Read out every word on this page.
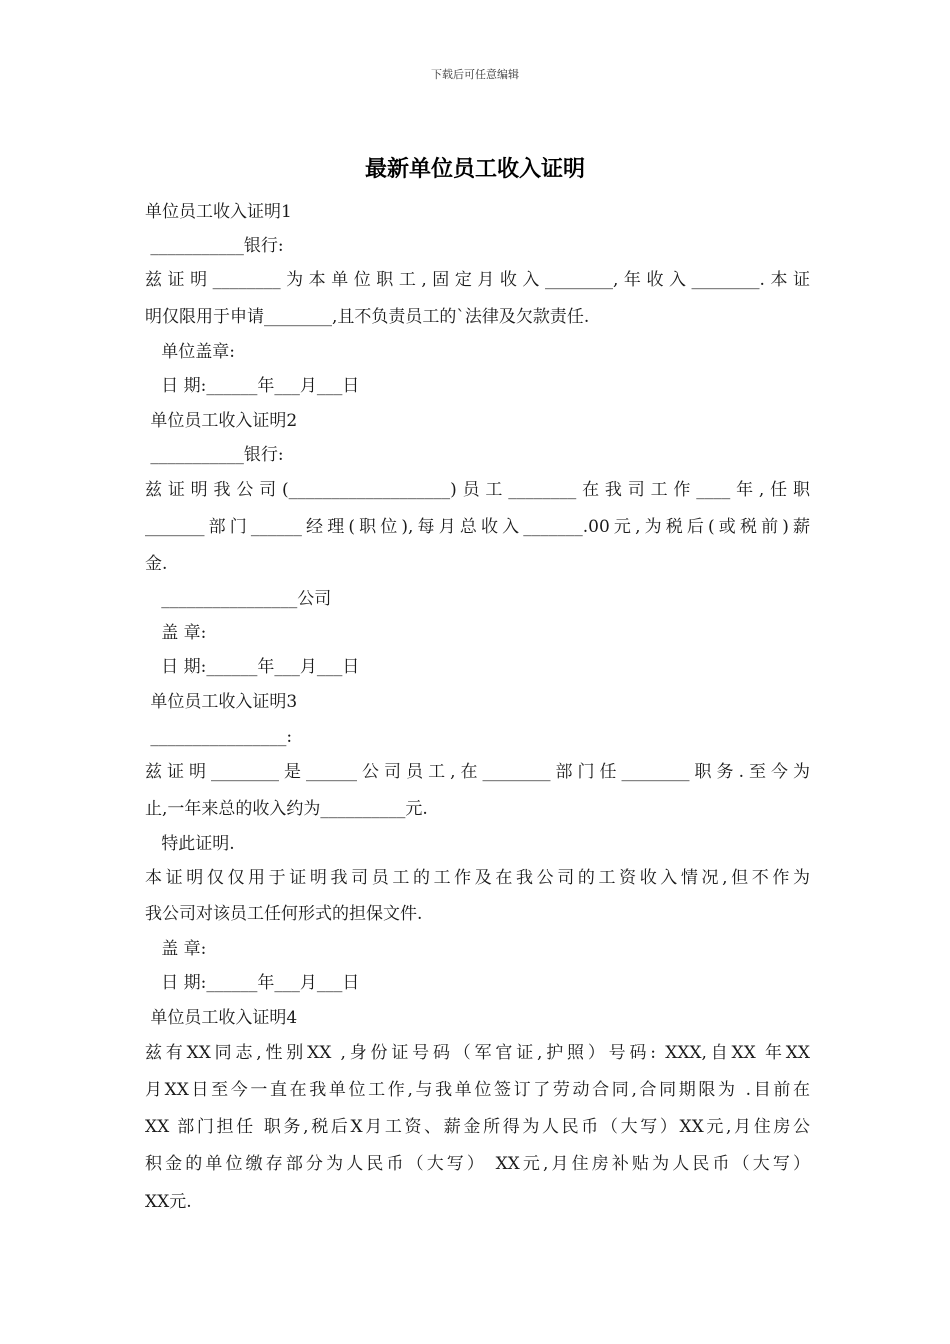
下载后可任意编辑
最新单位员工收入证明
单位员工收入证明1
___________银行:
兹证明________为本单位职工,固定月收入________,年收入________.本证
明仅限用于申请________,且不负责员工的`法律及欠款责任.
单位盖章:
日 期:______年___月___日
单位员工收入证明2
___________银行:
兹证明我公司(___________________)员工________在我司工作____年,任职
_______部门______经理(职位),每月总收入_______.00元,为税后(或税前)薪
金.
________________公司
盖 章:
日 期:______年___月___日
单位员工收入证明3
________________:
兹证明________是______公司员工,在________部门任________职务.至今为
止,一年来总的收入约为__________元.
特此证明.
本证明仅仅用于证明我司员工的工作及在我公司的工资收入情况,但不作为
我公司对该员工任何形式的担保文件.
盖 章:
日 期:______年___月___日
单位员工收入证明4
兹有XX同志,性别XX ,身份证号码（军官证,护照）号码: XXX,自XX 年XX
月XX日至今一直在我单位工作,与我单位签订了劳动合同,合同期限为 .目前在
XX 部门担任 职务,税后X月工资、薪金所得为人民币（大写）XX元,月住房公
积金的单位缴存部分为人民币（大写） XX元,月住房补贴为人民币（大写）
XX元.
